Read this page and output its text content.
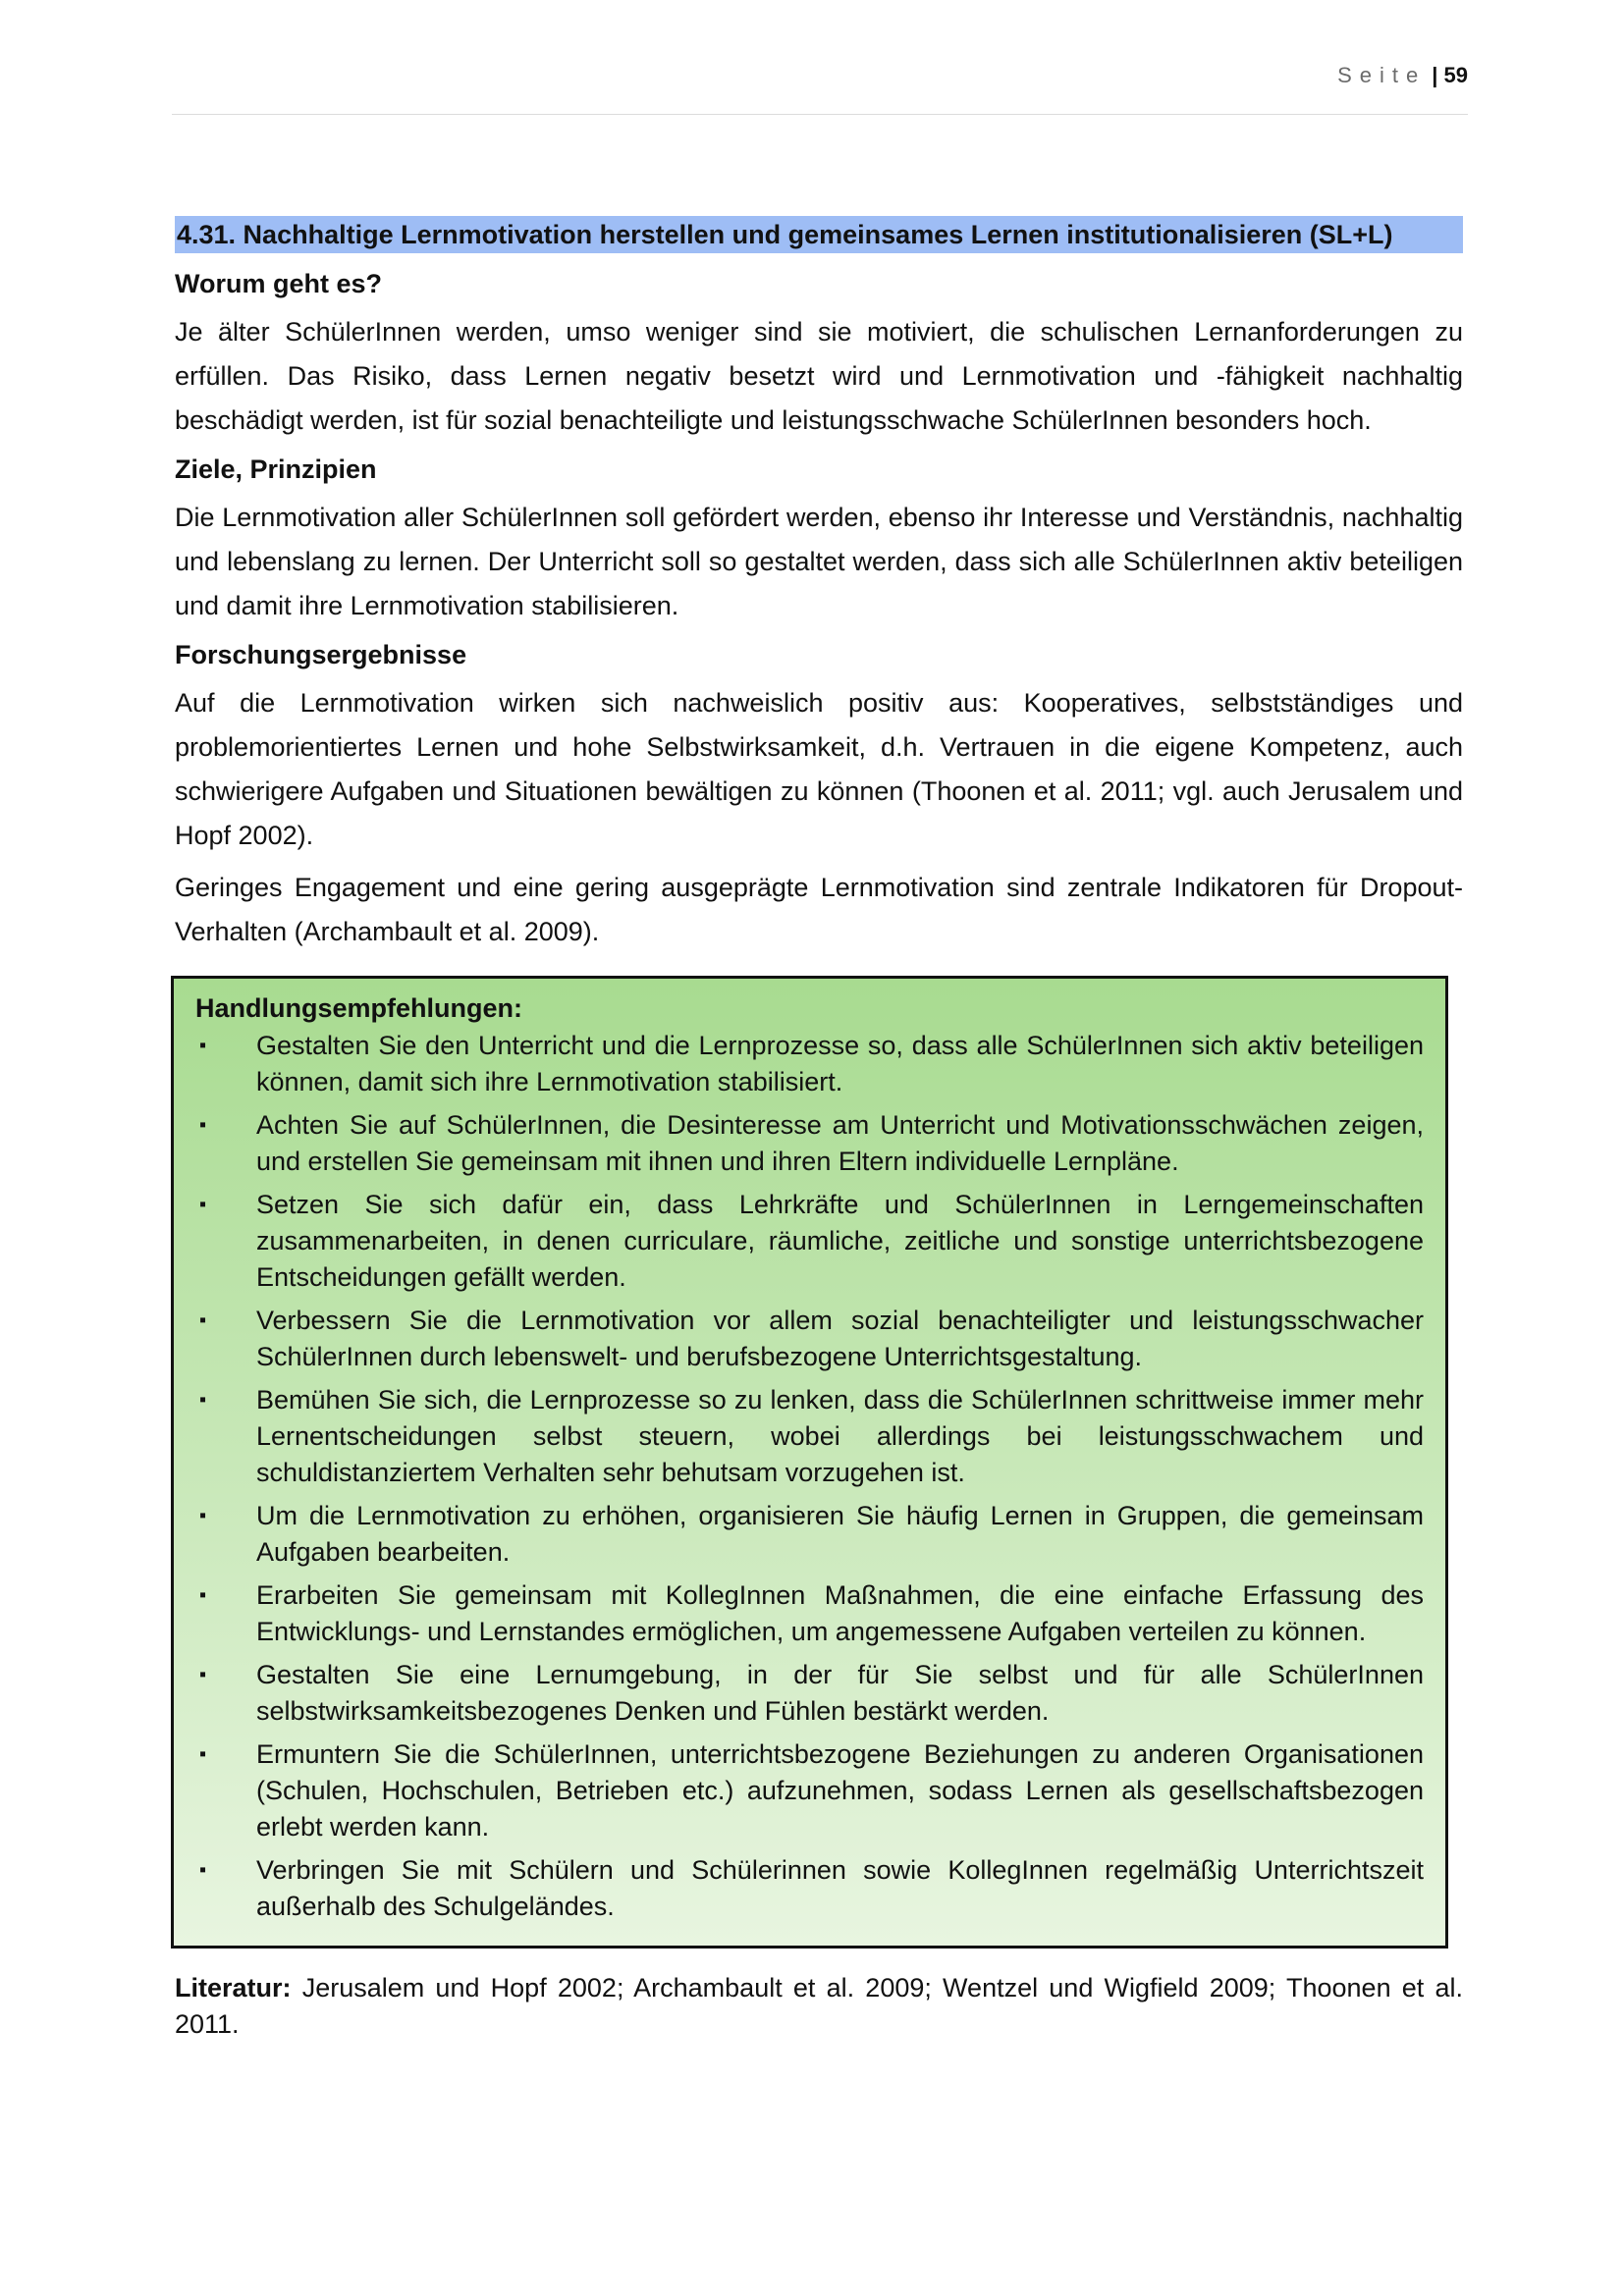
Seite | 59
4.31. Nachhaltige Lernmotivation herstellen und gemeinsames Lernen institutionalisieren (SL+L)
Worum geht es?

Je älter SchülerInnen werden, umso weniger sind sie motiviert, die schulischen Lernanforderungen zu erfüllen. Das Risiko, dass Lernen negativ besetzt wird und Lernmotivation und -fähigkeit nachhaltig beschädigt werden, ist für sozial benachteiligte und leistungsschwache SchülerInnen besonders hoch.

Ziele, Prinzipien

Die Lernmotivation aller SchülerInnen soll gefördert werden, ebenso ihr Interesse und Verständnis, nachhaltig und lebenslang zu lernen. Der Unterricht soll so gestaltet werden, dass sich alle SchülerInnen aktiv beteiligen und damit ihre Lernmotivation stabilisieren.

Forschungsergebnisse

Auf die Lernmotivation wirken sich nachweislich positiv aus: Kooperatives, selbstständiges und problemorientiertes Lernen und hohe Selbstwirksamkeit, d.h. Vertrauen in die eigene Kompetenz, auch schwierigere Aufgaben und Situationen bewältigen zu können (Thoonen et al. 2011; vgl. auch Jerusalem und Hopf 2002).

Geringes Engagement und eine gering ausgeprägte Lernmotivation sind zentrale Indikatoren für Dropout-Verhalten (Archambault et al. 2009).

Handlungsempfehlungen:
▪ Gestalten Sie den Unterricht und die Lernprozesse so, dass alle SchülerInnen sich aktiv beteiligen können, damit sich ihre Lernmotivation stabilisiert.
▪ Achten Sie auf SchülerInnen, die Desinteresse am Unterricht und Motivationsschwächen zeigen, und erstellen Sie gemeinsam mit ihnen und ihren Eltern individuelle Lernpläne.
▪ Setzen Sie sich dafür ein, dass Lehrkräfte und SchülerInnen in Lerngemeinschaften zusammenarbeiten, in denen curriculare, räumliche, zeitliche und sonstige unterrichtsbezogene Entscheidungen gefällt werden.
▪ Verbessern Sie die Lernmotivation vor allem sozial benachteiligter und leistungsschwacher SchülerInnen durch lebenswelt- und berufsbezogene Unterrichtsgestaltung.
▪ Bemühen Sie sich, die Lernprozesse so zu lenken, dass die SchülerInnen schrittweise immer mehr Lernentscheidungen selbst steuern, wobei allerdings bei leistungsschwachem und schuldistanziertem Verhalten sehr behutsam vorzugehen ist.
▪ Um die Lernmotivation zu erhöhen, organisieren Sie häufig Lernen in Gruppen, die gemeinsam Aufgaben bearbeiten.
▪ Erarbeiten Sie gemeinsam mit KollegInnen Maßnahmen, die eine einfache Erfassung des Entwicklungs- und Lernstandes ermöglichen, um angemessene Aufgaben verteilen zu können.
▪ Gestalten Sie eine Lernumgebung, in der für Sie selbst und für alle SchülerInnen selbstwirksamkeitsbezogenes Denken und Fühlen bestärkt werden.
▪ Ermuntern Sie die SchülerInnen, unterrichtsbezogene Beziehungen zu anderen Organisationen (Schulen, Hochschulen, Betrieben etc.) aufzunehmen, sodass Lernen als gesellschaftsbezogen erlebt werden kann.
▪ Verbringen Sie mit Schülern und Schülerinnen sowie KollegInnen regelmäßig Unterrichtszeit außerhalb des Schulgeländes.
Literatur: Jerusalem und Hopf 2002; Archambault et al. 2009; Wentzel und Wigfield 2009; Thoonen et al. 2011.
